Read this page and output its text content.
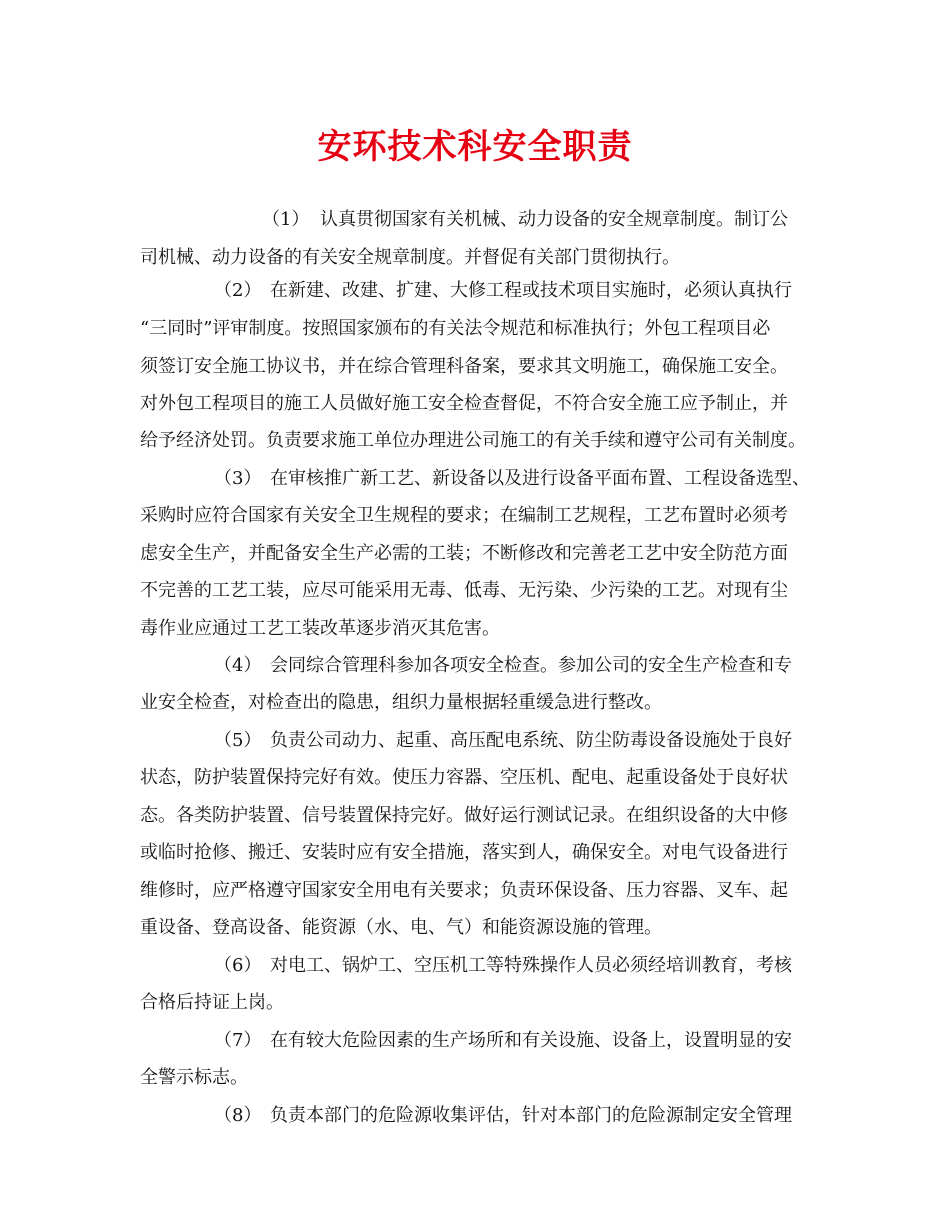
安环技术科安全职责

（1） 认真贯彻国家有关机械、动力设备的安全规章制度。制订公

司机械、动力设备的有关安全规章制度。并督促有关部门贯彻执行。

（2） 在新建、改建、扩建、大修工程或技术项目实施时，必须认真执行

“三同时”评审制度。按照国家颁布的有关法令规范和标准执行；外包工程项目必

须签订安全施工协议书，并在综合管理科备案，要求其文明施工，确保施工安全。

对外包工程项目的施工人员做好施工安全检查督促，不符合安全施工应予制止，并

给予经济处罚。负责要求施工单位办理进公司施工的有关手续和遵守公司有关制度。

（3） 在审核推广新工艺、新设备以及进行设备平面布置、工程设备选型、

采购时应符合国家有关安全卫生规程的要求；在编制工艺规程，工艺布置时必须考

虑安全生产，并配备安全生产必需的工装；不断修改和完善老工艺中安全防范方面

不完善的工艺工装，应尽可能采用无毒、低毒、无污染、少污染的工艺。对现有尘

毒作业应通过工艺工装改革逐步消灭其危害。

（4） 会同综合管理科参加各项安全检查。参加公司的安全生产检查和专

业安全检查，对检查出的隐患，组织力量根据轻重缓急进行整改。

（5） 负责公司动力、起重、高压配电系统、防尘防毒设备设施处于良好

状态，防护装置保持完好有效。使压力容器、空压机、配电、起重设备处于良好状

态。各类防护装置、信号装置保持完好。做好运行测试记录。在组织设备的大中修

或临时抢修、搬迁、安装时应有安全措施，落实到人，确保安全。对电气设备进行

维修时，应严格遵守国家安全用电有关要求；负责环保设备、压力容器、叉车、起

重设备、登高设备、能资源（水、电、气）和能资源设施的管理。

（6） 对电工、锅炉工、空压机工等特殊操作人员必须经培训教育，考核

合格后持证上岗。

（7） 在有较大危险因素的生产场所和有关设施、设备上，设置明显的安

全警示标志。

（8） 负责本部门的危险源收集评估，针对本部门的危险源制定安全管理
